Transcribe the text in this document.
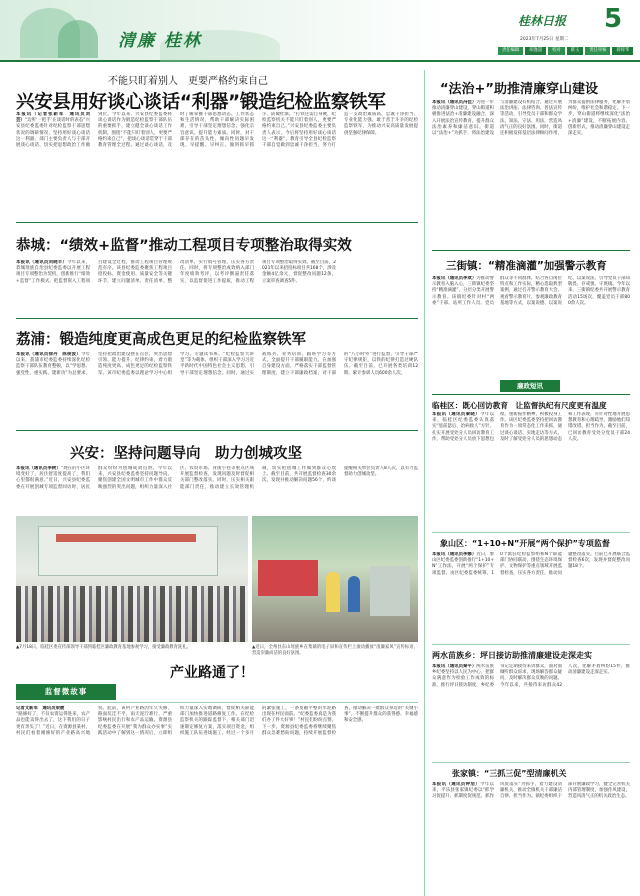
清廉 桂林
桂林日报 5
2023年7月25日 星期二
责任编辑 胡逢超 校对 蔡玉 责任审核 蒋梓华
不能只盯着别人　更要严格约束自己
兴安县用好谈心谈话“利器”锻造纪检监察铁军
本报讯（记者张新军　通讯员刘芸）“边听‘一把手’在谈话时的表态”兴安县纪委监委针对纪检监察干部思想状况的调研情况，坚持用好谈心谈话这一利器，部门主要负责人与干部开展谈心谈话，切实把思想政治工作做到位。今年以来，兴安县纪委监委将谈心谈话作为锻造纪检监察干部队伍的重要抓手，建立健全谈心谈话工作机制，围绕“不能只盯着别人，更要严格约束自己”，把谈心谈话贯穿于干部教育管理全过程。通过谈心谈话，及时了解掌握干部思想动态、工作状态和生活情况，帮助干部解决实际困难，引导干部坚定理想信念、强化宗旨意识、提升能力素质。同时，对干部存在的苗头性、倾向性问题早发现、早提醒、早纠正，做到抓早抓小、防微杜渐。“打铁还需自身硬，纪检监察机关不能只盯着别人，更要严格约束自己。”兴安县纪委监委主要负责人表示，今后将坚持用好谈心谈话这一“利器”，教育引导全县纪检监察干部自觉做到忠诚干净担当，努力打造一支政治素质高、忠诚干净担当、专业化能力强、敢于善于斗争的纪检监察铁军，为推动兴安高质量发展提供坚强纪律保障。
恭城：“绩效+监督”推动工程项目专项整治取得实效
本报讯（通讯员刘晓丰）今年以来，恭城瑶族自治县纪委监委以开展工程项目专项整治为契机，创新推行“绩效+监督”工作模式，把监督嵌入工程项目建设全过程，推动工程项目管理规范有序。该县纪委监委聚焦工程项目招投标、资金使用、质量安全等关键环节，建立问题清单、责任清单、整改清单，实行销号管理，压实各方责任。同时，将专项整治成效纳入部门年度绩效考评，以考评倒逼责任落实，以监督促进工作提质，推动工程项目专项整治取得实效。截至目前，2021年以来招投标项目共168个，涉及金额4亿余元，督促整改问题12条，立案审查调查5件。
荔浦：锻造纯度更高成色更足的纪检监察铁军
本报讯（通讯员徐丹　陈俊波）今年以来，荔浦市纪委监委持续深化纪检监察干部队伍教育整顿，以“学思想、强党性、重实践、建新功”为总要求，坚持把政治建设摆在首位，突出思想引领、能力提升、纪律约束，着力锻造纯度更高、成色更足的纪检监察铁军。该市纪委监委以理论学习中心组学习、专题读书班、“纪检监察大讲堂”等为载体，组织干部深入学习习近平新时代中国特色社会主义思想，引导干部坚定理想信念。同时，通过实战练兵、业务培训、跟班学习等方式，全面提升干部履职能力。在加强自身建设方面，严格落实干部监督管理制度，建立干部廉政档案，对干部的“八小时外”进行监督，引导干部严守纪律规矩，以铁的纪律打造过硬队伍。截至目前，已开展各类培训12期，累计参训人员600余人次。
兴安：坚持问题导向　助力创城攻坚
本报讯（通讯员李树）“现在的小区环境变好了，居住舒适度提高了，我们心里都很满意。”近日，兴安县纪委监委在开展创城专项监督回访时，居民群众纷纷为创城成效点赞。今年以来，兴安县纪委监委坚持问题导向，聚焦创建全国文明城市工作中群众反映强烈的突出问题，组织力量深入社区、农贸市场、背街小巷等重点区域开展监督检查，发现问题及时督促相关部门整改落实。同时，压实相关职能部门责任，推动建立长效管理机制，切实把创城工作做到群众心坎上。截至目前，共开展监督检查30余次，发现并推动解决问题56个，约谈提醒相关单位负责人8人次，以有力监督助力创城攻坚。
▲7月18日，临桂区委宣传部领导干部到临桂区廉政教育基地参观学习，接受廉政教育洗礼。	▲近日，全州县东山瑶族乡在集镇的电子屏和宣传栏上滚动播放“清廉家风”宣传标语，营造崇廉尚洁的良好氛围。
监督微故事
产业路通了！
记者文新军　通讯员梁媛
“路修好了，不仅农资运得进来，农产品也能卖得出去了，这下我们的日子更有奔头了！”近日，在资源县某村，村民们看着刚修好的产业路高兴地说。此前，该村产业路因年久失修，路面坑洼不平，雨天泥泞难行，严重影响村民出行和农产品运输。资源县纪委监委在开展“我为群众办实事”实践活动中了解到这一情况后，立即组织力量深入实地调研，督促相关职能部门加快推进道路修复工作。在纪检监察机关的跟踪监督下，相关部门迅速制定修复方案，落实项目资金，组织施工队伍进场施工。经过一个多月的紧张施工，一条宽敞平整的水泥路出现在村民面前。“纪委监委真是为我们办了件大好事！”村民们纷纷点赞。下一步，资源县纪委监委将继续聚焦群众急难愁盼问题，持续开展监督检查，推动解决一批群众身边的“关键小事”，不断提升群众的获得感、幸福感和安全感。
“法治+”助推清廉穿山建设
本报讯（通讯员冯佳）为进一步推动清廉穿山建设，穿山街道积极推进法治+清廉建设融合，深入开展法治宣传教育，提升群众法治素养和廉洁意识。街道以“法治+”为抓手，将法治建设与清廉建设有机结合，通过开展法治讲座、法律咨询、普法宣传等活动，引导党员干部和群众学法、知法、守法、用法，营造风清气正的良好氛围。同时，街道还积极发挥基层法律顾问作用，为群众提供法律服务，化解矛盾纠纷，维护社会和谐稳定。下一步，穿山街道将继续深化“法治+清廉”建设，不断拓展内容、创新形式，推动清廉穿山建设走深走实。
三街镇：“精准滴灌”加强警示教育
本报讯（通讯员李欢）为推动警示教育入脑入心，三街镇纪委坚持“精准滴灌”，分层分类开展警示教育。该镇纪委针对村“两委”干部、站所工作人员、党员群众等不同群体，结合各自岗位特点和工作实际，精心选取典型案例，通过召开警示教育大会、观看警示教育片、参观廉政教育基地等方式，以案说德、以案说纪、以案说法，引导党员干部知敬畏、存戒惧、守底线。今年以来，三街镇纪委共开展警示教育活动15场次，覆盖党员干部800余人次。
廉政短讯
临桂区：既心回访教育　让监督执纪有尺度更有温度
本报讯（通讯员秦晓）今年以来，临桂区纪委监委认真落实“惩前毖后、治病救人”方针，扎实开展受处分人员回访教育工作，帮助受处分人员放下思想包袱，重新振作精神，积极投身工作。该区纪委监委坚持把回访教育作为一项常态化工作来抓，通过谈心谈话、实地走访等方式，及时了解受处分人员的思想动态和工作表现，有针对性地开展思想教育和心理疏导，激励他们知错改错、担当作为。截至目前，已回访教育受处分党员干部24人次。
象山区：“1+10+N”开展“两个保护”专项监督
本报讯（通讯员李娜）近日，象山区纪委监委创新推行“1+10+N”工作法，开展“两个保护”专项监督。由区纪委监委统筹，10个派驻纪检监察组和N个职能部门协同联动，围绕生态环境保护、文物保护等重点领域开展监督检查，压实各方责任，推动问题整改落实。目前已开展联合监督检查6次，发现并督促整改问题18个。
两水苗族乡：坪日接访助推清廉建设走深走实
本报讯（通讯员秦平）两水苗族乡纪委坚持以人民为中心，把群众满意作为检验工作成效的标准，推行坪日接访制度，乡纪委书记定期接待来访群众，面对面倾听群众诉求，现场解答群众疑问，及时解决群众反映的问题。今年以来，共接待来访群众42人次，化解矛盾纠纷15件，推动清廉建设走深走实。
张家镇：“三抓三促”型清廉机关
本报讯（通讯员钟浩）今年以来，平乐县张家镇纪委以“抓学习促提升、抓制度促规范、抓作风促落实”为抓手，着力建设清廉机关，推动全镇机关干部廉洁自律、担当作为。镇纪委组织干部开展廉政学习，健全完善机关内部管理制度，加强作风建设，营造风清气正的机关政治生态。
